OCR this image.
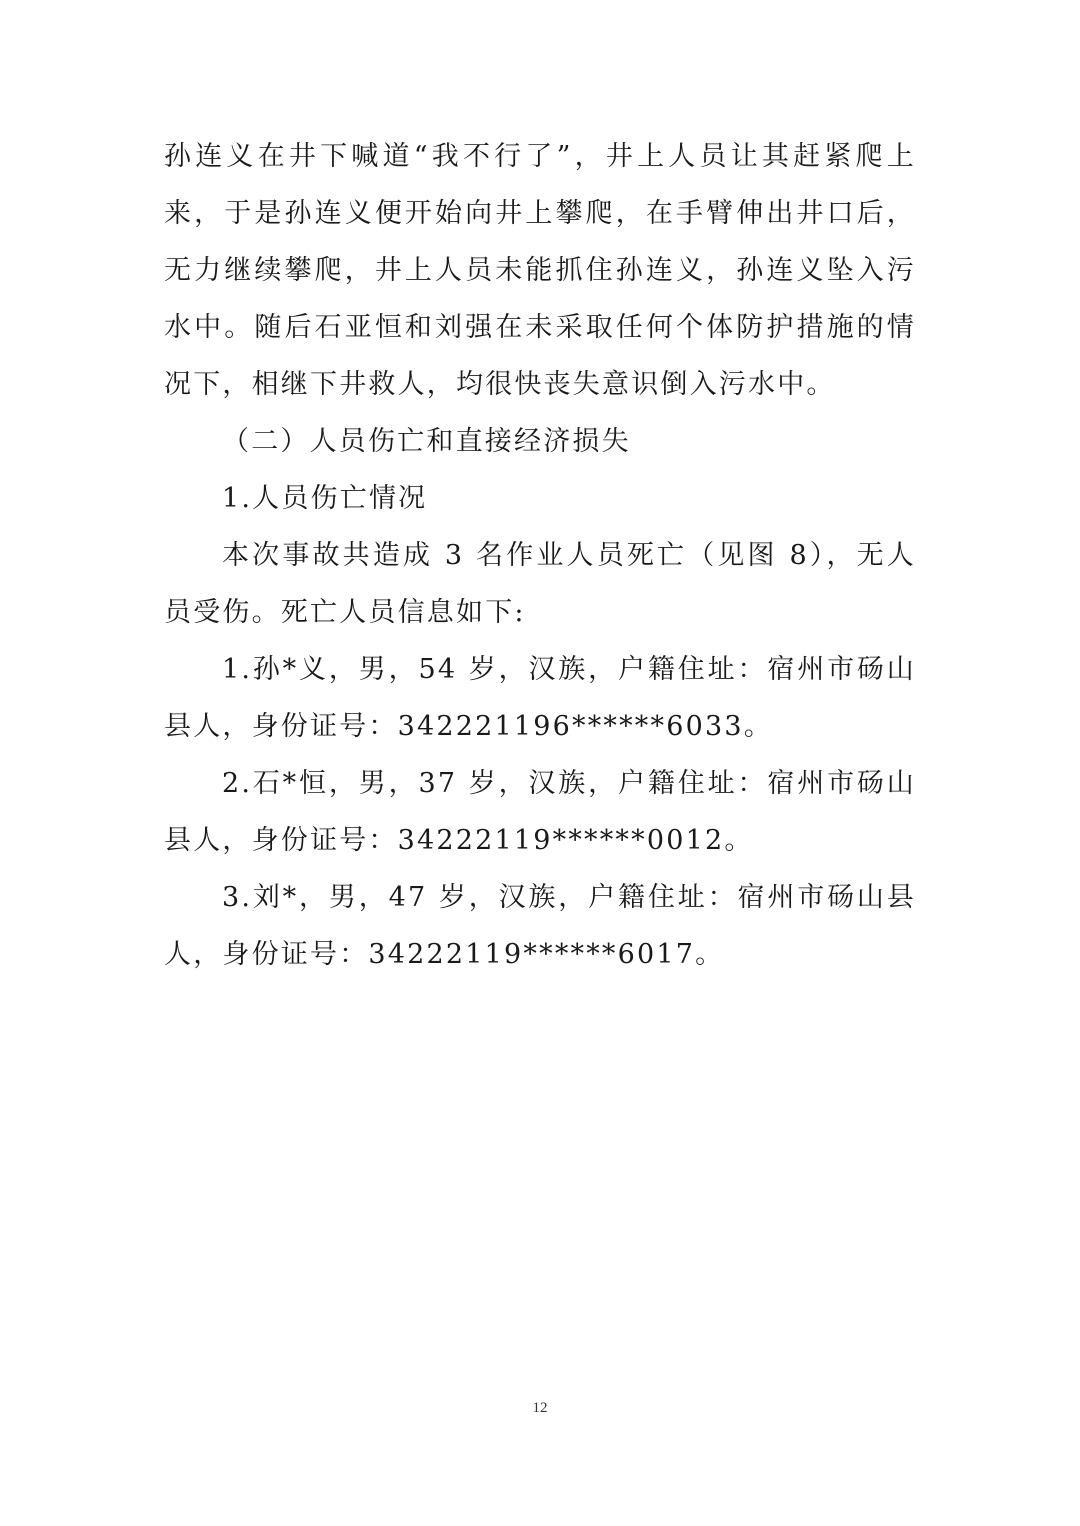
孙连义在井下喊道“我不行了”，井上人员让其赶紧爬上来，于是孙连义便开始向井上攀爬，在手臂伸出井口后，无力继续攀爬，井上人员未能抓住孙连义，孙连义坠入污水中。随后石亚恒和刘强在未采取任何个体防护措施的情况下，相继下井救人，均很快丧失意识倒入污水中。

（二）人员伤亡和直接经济损失

1.人员伤亡情况

本次事故共造成 3 名作业人员死亡（见图 8），无人员受伤。死亡人员信息如下:

1.孙*义，男，54 岁，汉族，户籍住址：宿州市砀山县人，身份证号：342221196******6033。

2.石*恒，男，37 岁，汉族，户籍住址：宿州市砀山县人，身份证号：34222119******0012。

3.刘*，男，47 岁，汉族，户籍住址：宿州市砀山县人，身份证号：34222119******6017。

12
